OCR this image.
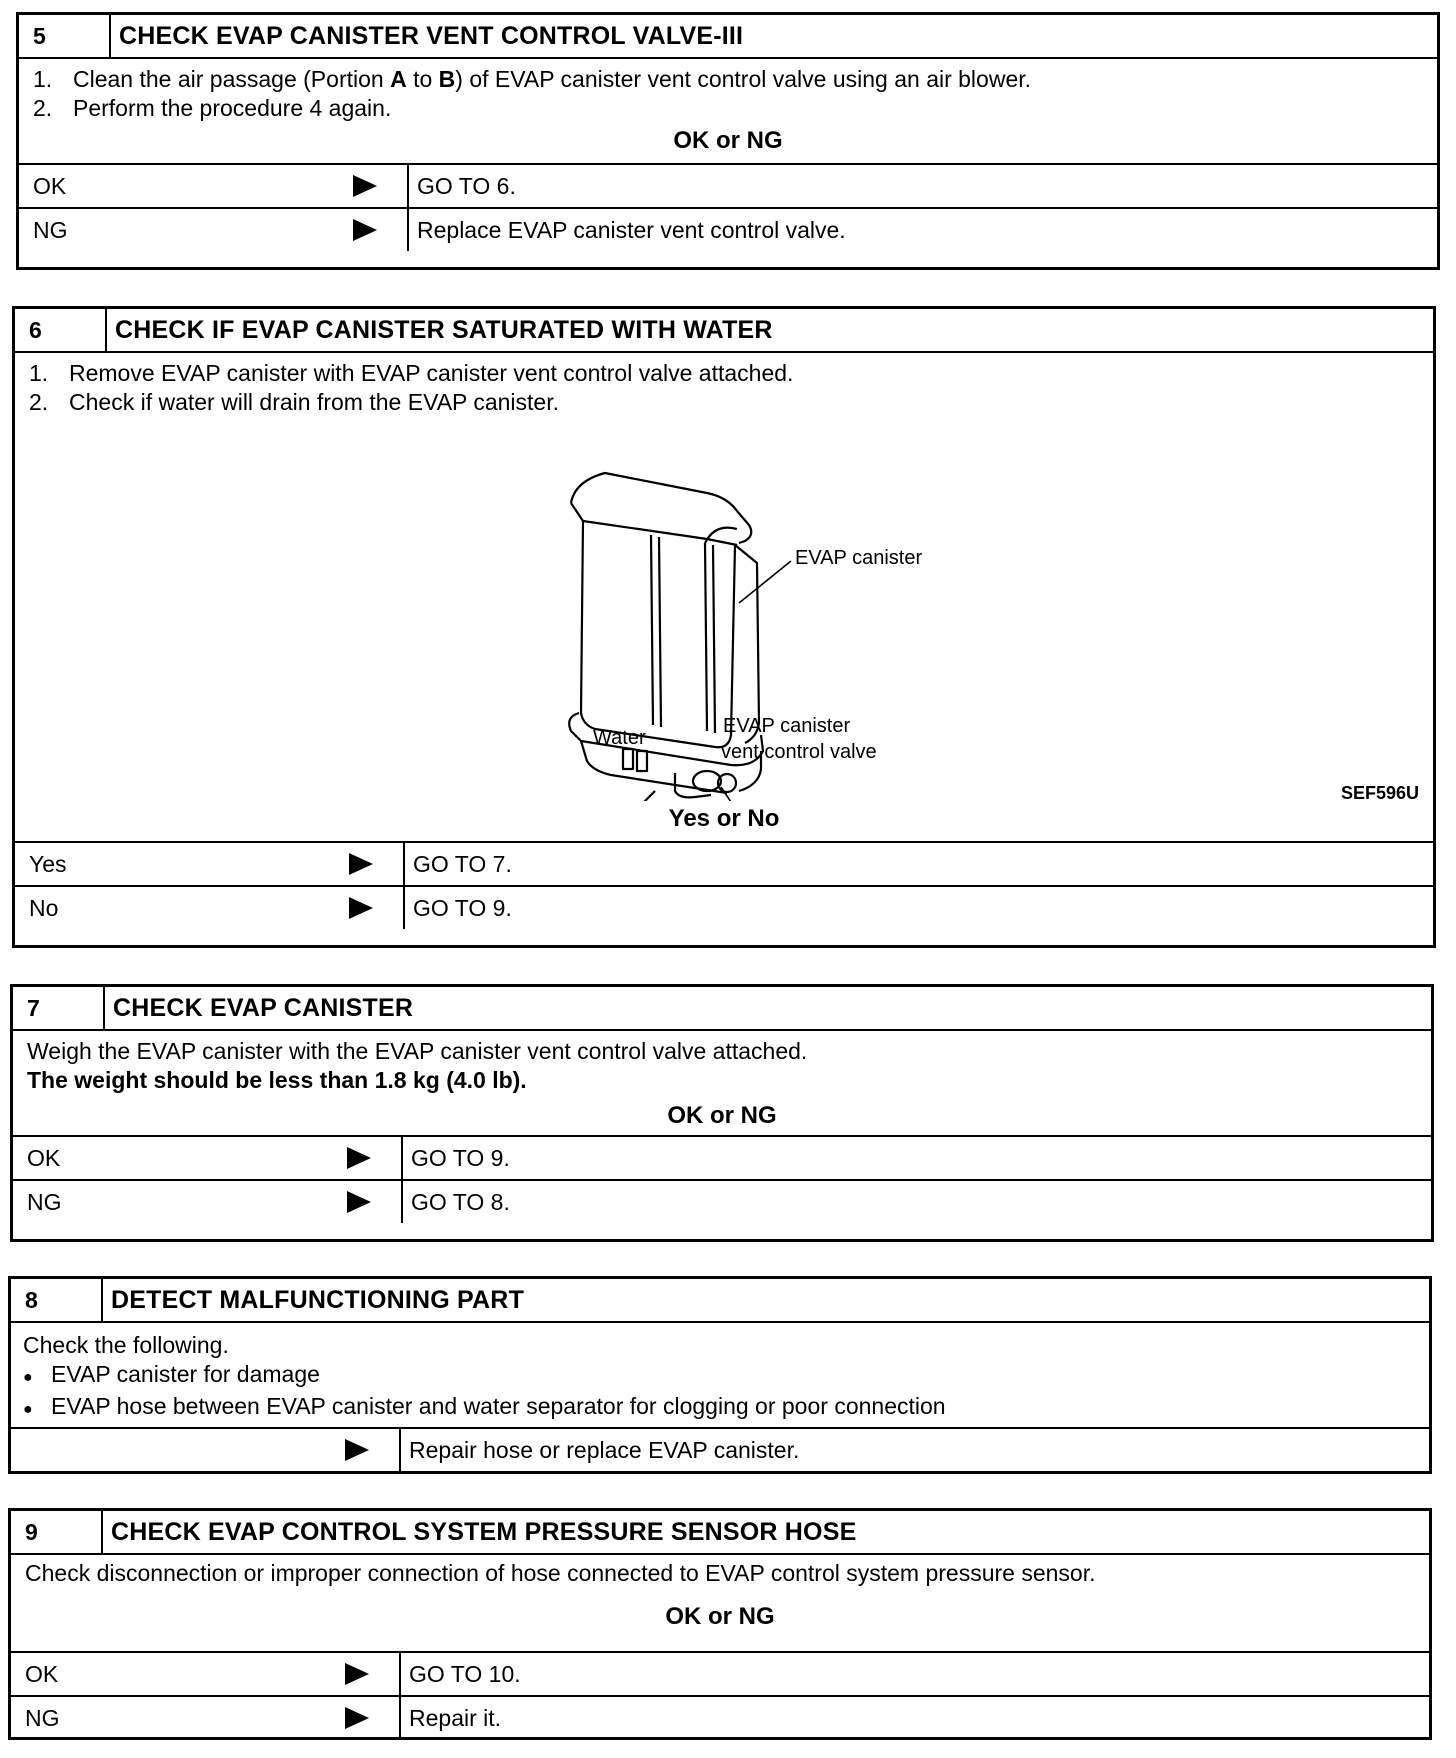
5	CHECK EVAP CANISTER VENT CONTROL VALVE-III
1. Clean the air passage (Portion A to B) of EVAP canister vent control valve using an air blower.
2. Perform the procedure 4 again.
OK or NG
OK	GO TO 6.
NG	Replace EVAP canister vent control valve.
6	CHECK IF EVAP CANISTER SATURATED WITH WATER
1. Remove EVAP canister with EVAP canister vent control valve attached.
2. Check if water will drain from the EVAP canister.
EVAP canister
Water
EVAP canister
vent control valve
SEF596U
Yes or No
Yes	GO TO 7.
No	GO TO 9.
7	CHECK EVAP CANISTER
Weigh the EVAP canister with the EVAP canister vent control valve attached.
The weight should be less than 1.8 kg (4.0 lb).
OK or NG
OK	GO TO 9.
NG	GO TO 8.
8	DETECT MALFUNCTIONING PART
Check the following.
● EVAP canister for damage
● EVAP hose between EVAP canister and water separator for clogging or poor connection
Repair hose or replace EVAP canister.
9	CHECK EVAP CONTROL SYSTEM PRESSURE SENSOR HOSE
Check disconnection or improper connection of hose connected to EVAP control system pressure sensor.
OK or NG
OK	GO TO 10.
NG	Repair it.
